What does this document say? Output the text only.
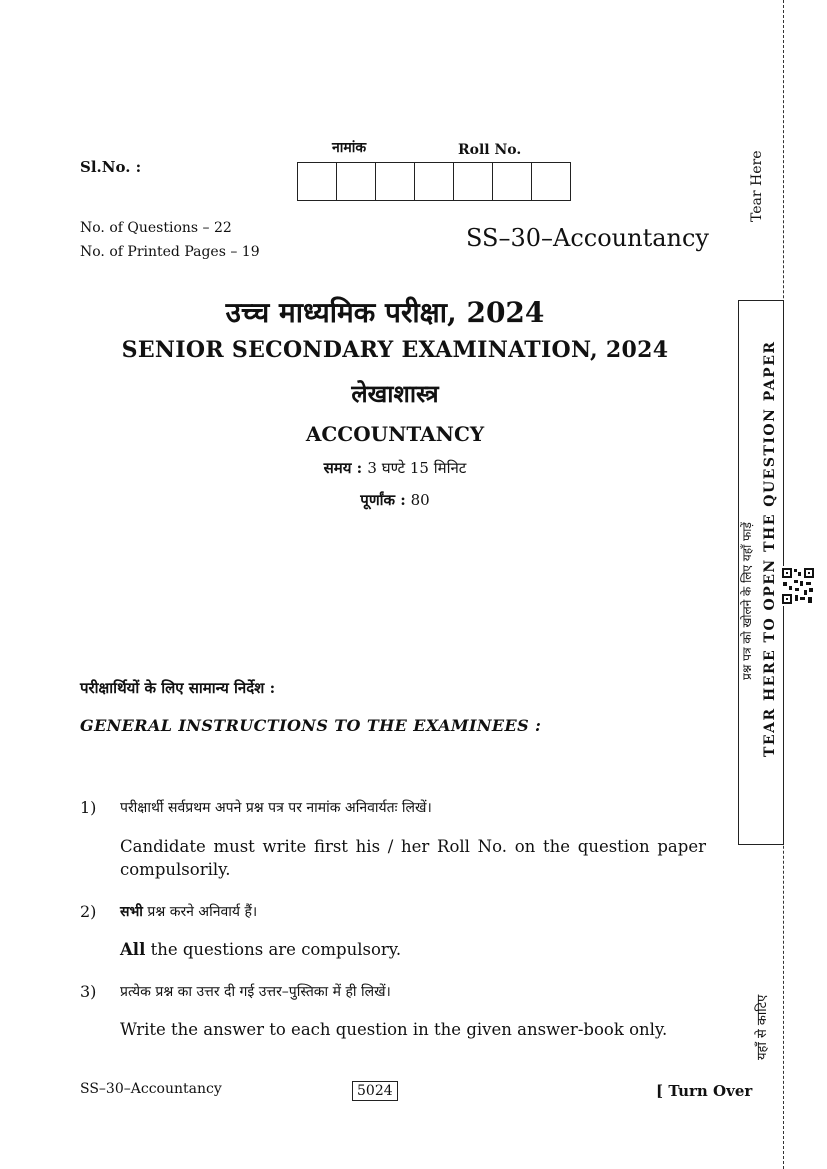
Sl.No. :
नामांक	Roll No.
No. of Questions – 22
No. of Printed Pages – 19	SS–30–Accountancy
उच्च माध्यमिक परीक्षा, 2024
SENIOR SECONDARY EXAMINATION, 2024
लेखाशास्त्र
ACCOUNTANCY
समय : 3 घण्टे 15 मिनिट
पूर्णांक : 80
परीक्षार्थियों के लिए सामान्य निर्देश :
GENERAL INSTRUCTIONS TO THE EXAMINEES :
1) परीक्षार्थी सर्वप्रथम अपने प्रश्न पत्र पर नामांक अनिवार्यतः लिखें।
Candidate must write first his / her Roll No. on the question paper compulsorily.
2) सभी प्रश्न करने अनिवार्य हैं।
All the questions are compulsory.
3) प्रत्येक प्रश्न का उत्तर दी गई उत्तर–पुस्तिका में ही लिखें।
Write the answer to each question in the given answer-book only.
SS–30–Accountancy	5024	[ Turn Over
Tear Here
प्रश्न पत्र को खोलने के लिए यहाँ फाड़ें TEAR HERE TO OPEN THE QUESTION PAPER
यहाँ से काटिए
